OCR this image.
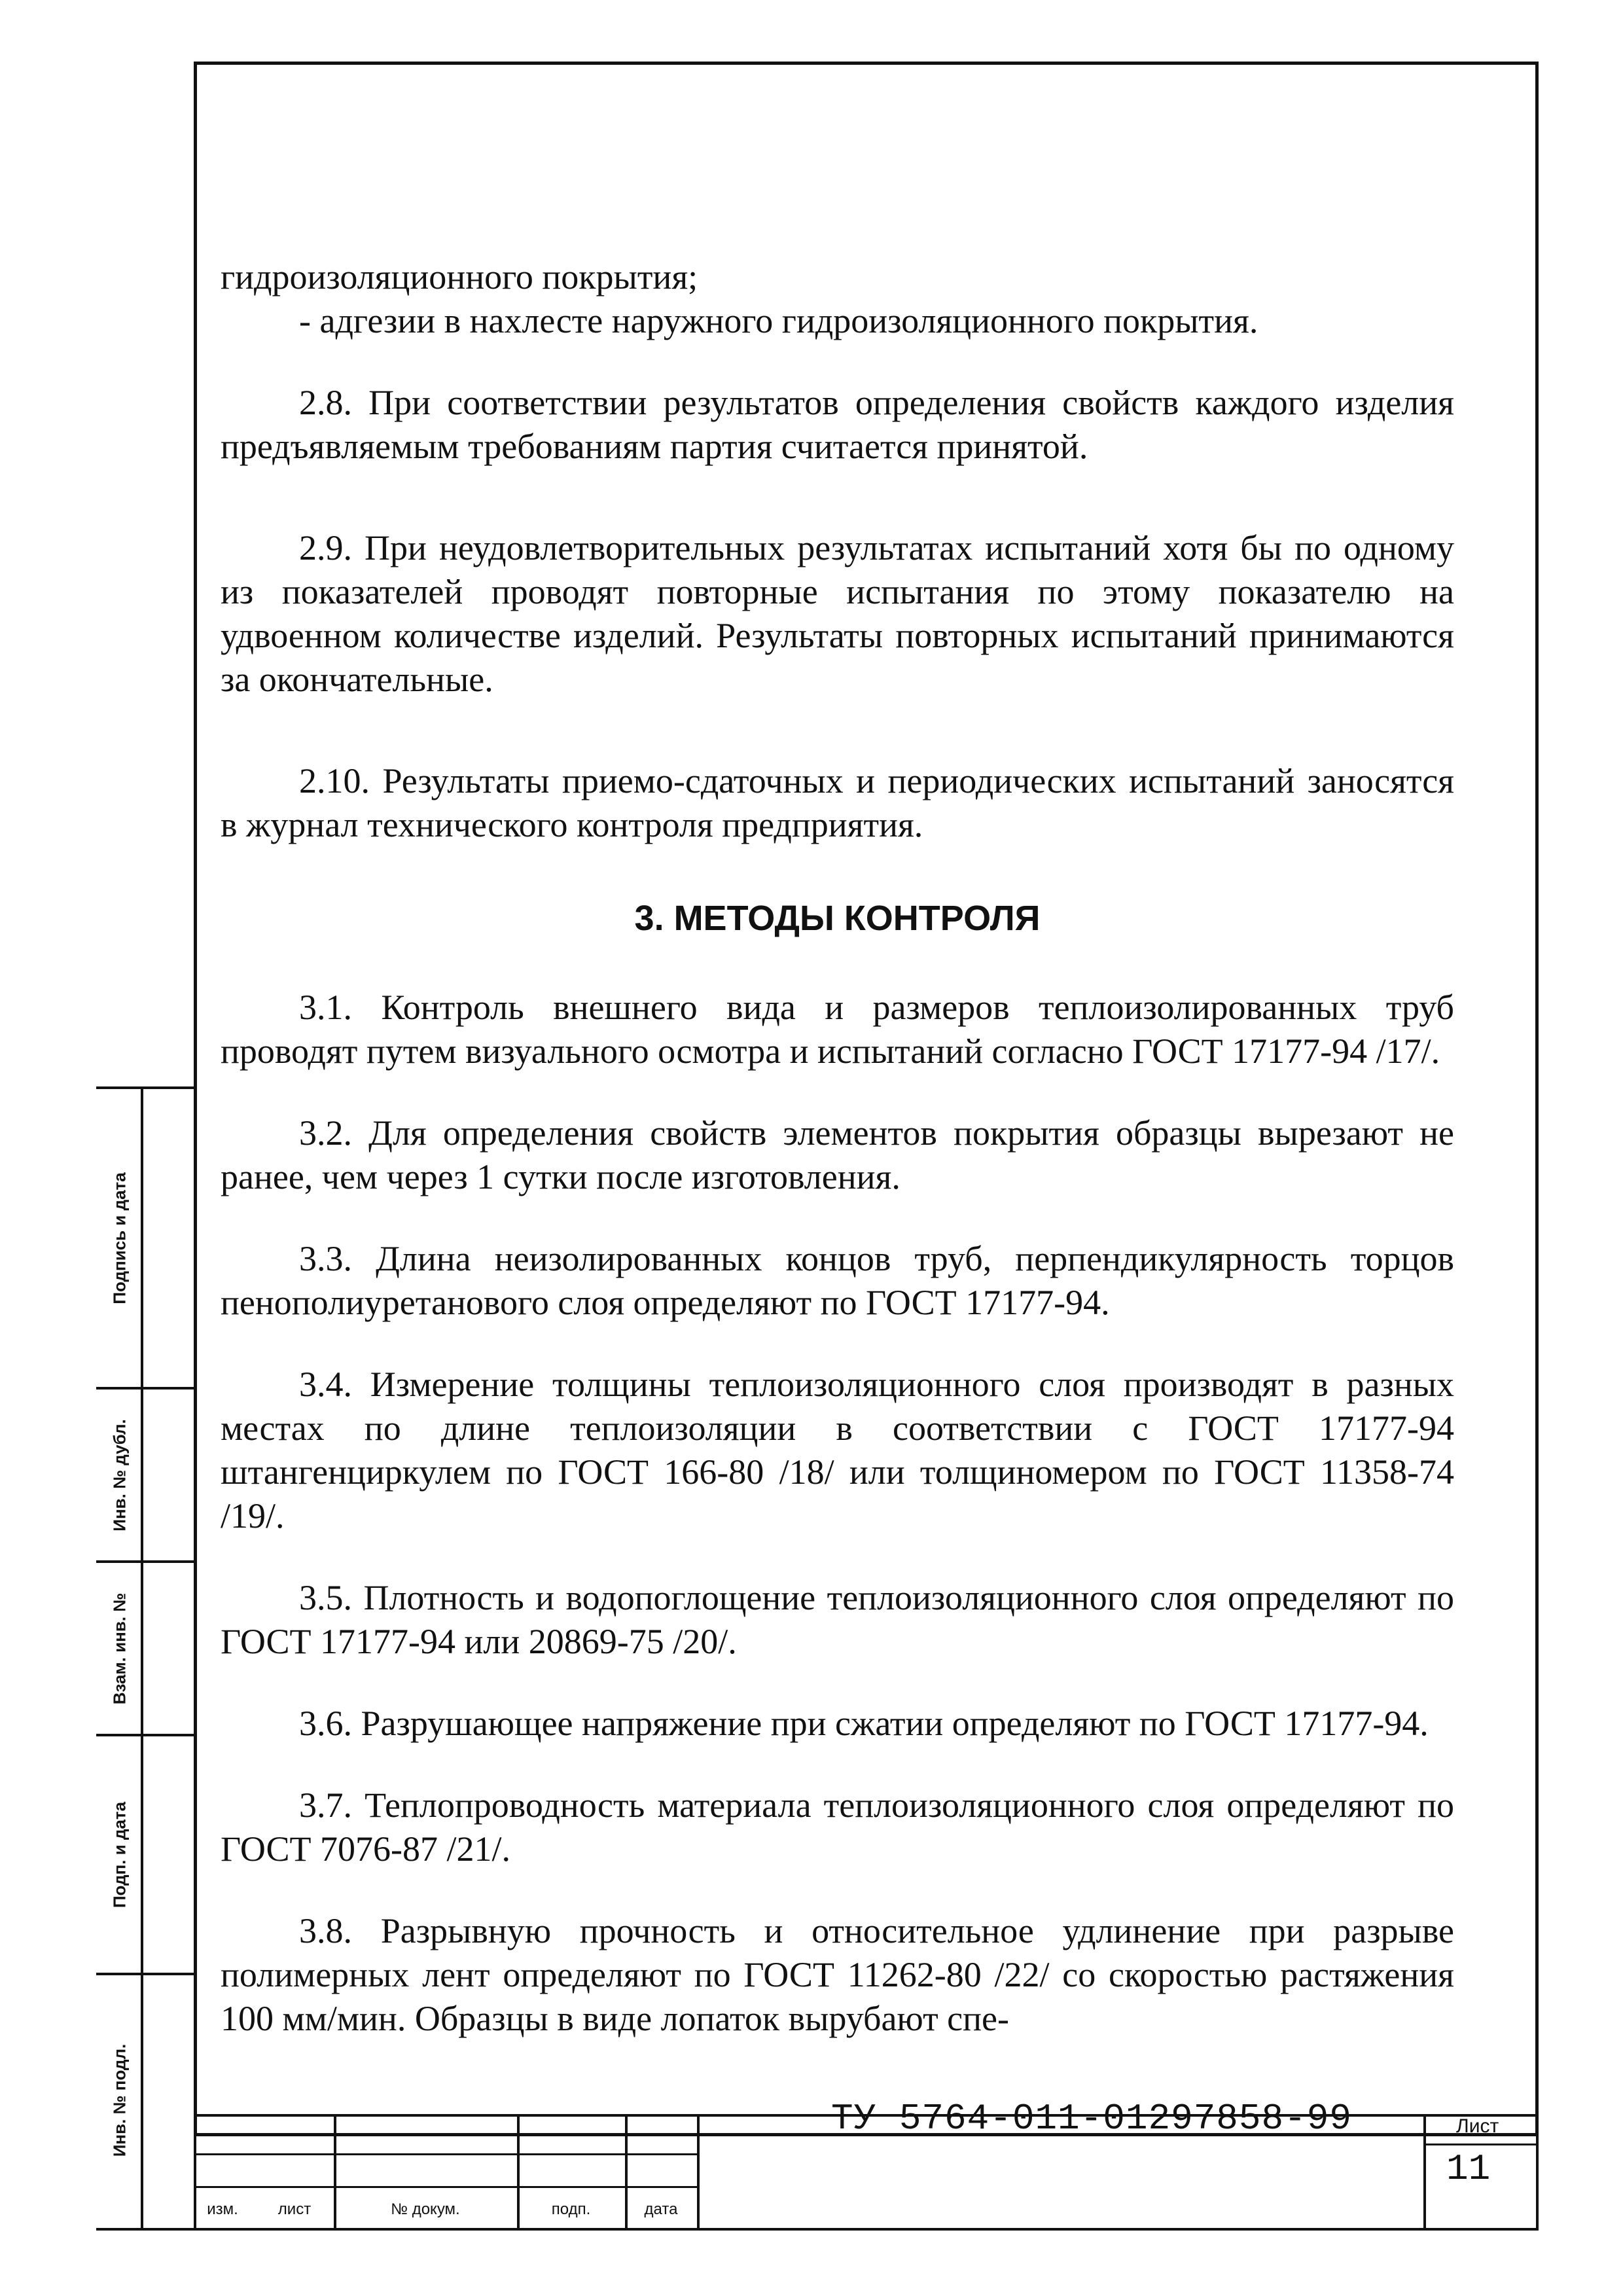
гидроизоляционного покрытия;

- адгезии в нахлесте наружного гидроизоляционного покрытия.

2.8. При соответствии результатов определения свойств каждого изделия предъявляемым требованиям партия считается принятой.

2.9. При неудовлетворительных результатах испытаний хотя бы по одному из показателей проводят повторные испытания по этому показателю на удвоенном количестве изделий. Результаты повторных испытаний принимаются за окончательные.

2.10. Результаты приемо-сдаточных и периодических испытаний заносятся в журнал технического контроля предприятия.

3. МЕТОДЫ КОНТРОЛЯ

3.1. Контроль внешнего вида и размеров теплоизолированных труб проводят путем визуального осмотра и испытаний согласно ГОСТ 17177-94 /17/.

3.2. Для определения свойств элементов покрытия образцы вырезают не ранее, чем через 1 сутки после изготовления.

3.3. Длина неизолированных концов труб, перпендикулярность торцов пенополиуретанового слоя определяют по ГОСТ 17177-94.

3.4. Измерение толщины теплоизоляционного слоя производят в разных местах по длине теплоизоляции в соответствии с ГОСТ 17177-94 штангенциркулем по ГОСТ 166-80 /18/ или толщиномером по ГОСТ 11358-74 /19/.

3.5. Плотность и водопоглощение теплоизоляционного слоя определяют по ГОСТ 17177-94 или 20869-75 /20/.

3.6. Разрушающее напряжение при сжатии определяют по ГОСТ 17177-94.

3.7. Теплопроводность материала теплоизоляционного слоя определяют по ГОСТ 7076-87 /21/.

3.8. Разрывную прочность и относительное удлинение при разрыве полимерных лент определяют по ГОСТ 11262-80 /22/ со скоростью растяжения 100 мм/мин. Образцы в виде лопаток вырубают спе-

Подпись и дата
Инв. № дубл.
Взам. инв. №
Подп. и дата
Инв. № подл.
изм.	лист	№ докум.	подп.	дата
ТУ 5764-011-01297858-99	Лист
11
